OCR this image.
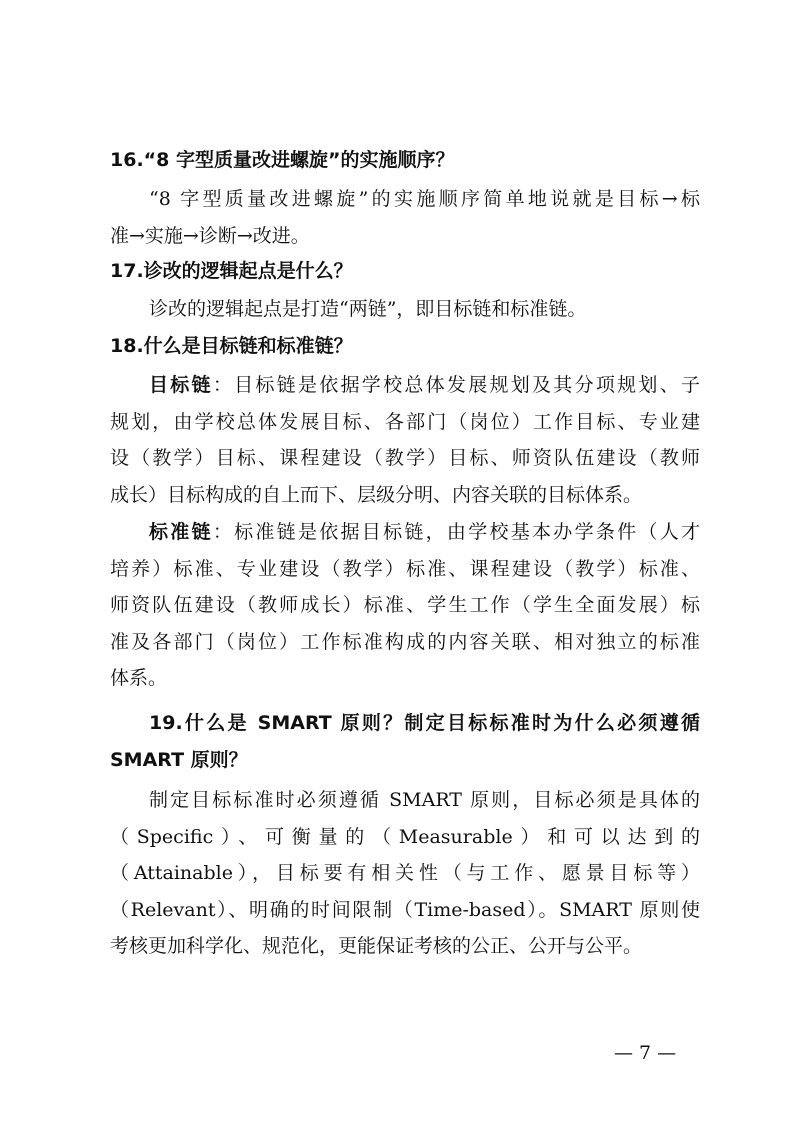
16.“8 字型质量改进螺旋”的实施顺序？
“8 字型质量改进螺旋”的实施顺序简单地说就是目标→标
准→实施→诊断→改进。
17.诊改的逻辑起点是什么？
诊改的逻辑起点是打造“两链”，即目标链和标准链。
18.什么是目标链和标准链？
目标链：目标链是依据学校总体发展规划及其分项规划、子
规划，由学校总体发展目标、各部门（岗位）工作目标、专业建
设（教学）目标、课程建设（教学）目标、师资队伍建设（教师
成长）目标构成的自上而下、层级分明、内容关联的目标体系。
标准链：标准链是依据目标链，由学校基本办学条件（人才
培养）标准、专业建设（教学）标准、课程建设（教学）标准、
师资队伍建设（教师成长）标准、学生工作（学生全面发展）标
准及各部门（岗位）工作标准构成的内容关联、相对独立的标准
体系。
19.什么是 SMART 原则？制定目标标准时为什么必须遵循
SMART 原则？
制定目标标准时必须遵循 SMART 原则，目标必须是具体的
（Specific）、可衡量的（Measurable）和可以达到的
（Attainable），目标要有相关性（与工作、愿景目标等）
（Relevant）、明确的时间限制（Time-based）。SMART 原则使
考核更加科学化、规范化，更能保证考核的公正、公开与公平。
— 7 —
